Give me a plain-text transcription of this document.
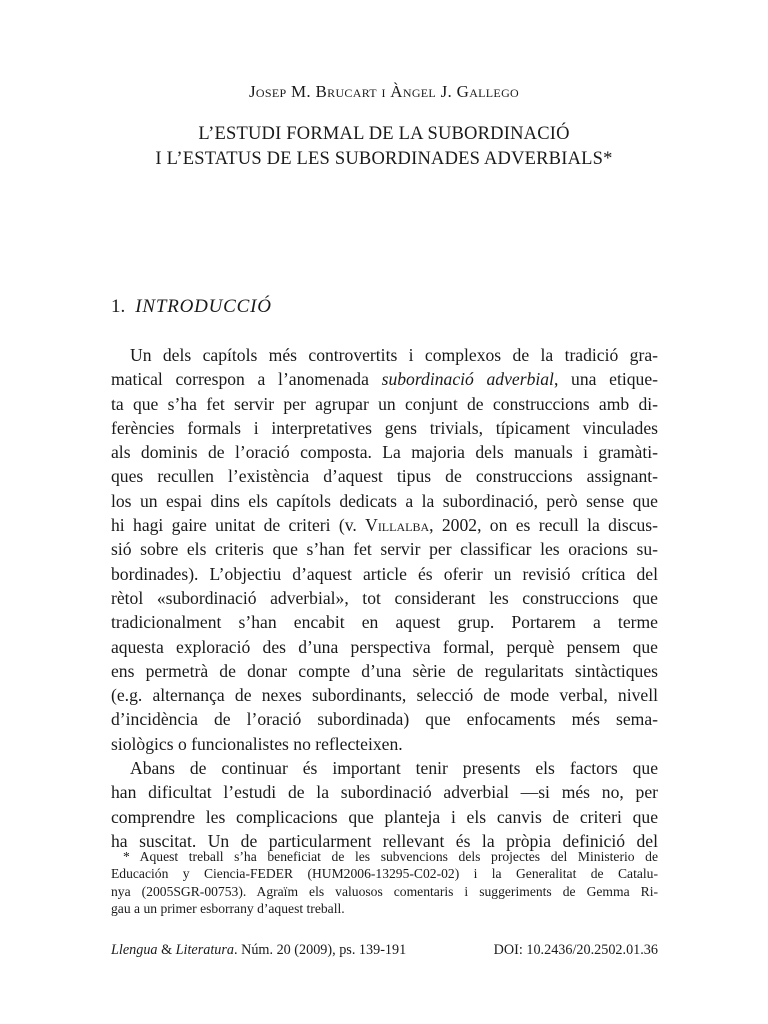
Josep M. Brucart i Àngel J. Gallego
L’ESTUDI FORMAL DE LA SUBORDINACIÓ
I L’ESTATUS DE LES SUBORDINADES ADVERBIALS*
1. INTRODUCCIÓ
Un dels capítols més controvertits i complexos de la tradició gra-
matical correspon a l’anomenada subordinació adverbial, una etique-
ta que s’ha fet servir per agrupar un conjunt de construccions amb di-
ferències formals i interpretatives gens trivials, típicament vinculades
als dominis de l’oració composta. La majoria dels manuals i gramàti-
ques recullen l’existència d’aquest tipus de construccions assignant-
los un espai dins els capítols dedicats a la subordinació, però sense que
hi hagi gaire unitat de criteri (v. Villalba, 2002, on es recull la discus-
sió sobre els criteris que s’han fet servir per classificar les oracions su-
bordinades). L’objectiu d’aquest article és oferir un revisió crítica del
rètol «subordinació adverbial», tot considerant les construccions que
tradicionalment s’han encabit en aquest grup. Portarem a terme
aquesta exploració des d’una perspectiva formal, perquè pensem que
ens permetrà de donar compte d’una sèrie de regularitats sintàctiques
(e.g. alternança de nexes subordinants, selecció de mode verbal, nivell
d’incidència de l’oració subordinada) que enfocaments més sema-
siològics o funcionalistes no reflecteixen.
Abans de continuar és important tenir presents els factors que
han dificultat l’estudi de la subordinació adverbial —si més no, per
comprendre les complicacions que planteja i els canvis de criteri que
ha suscitat. Un de particularment rellevant és la pròpia definició del
* Aquest treball s’ha beneficiat de les subvencions dels projectes del Ministerio de
Educación y Ciencia-FEDER (HUM2006-13295-C02-02) i la Generalitat de Catalu-
nya (2005SGR-00753). Agraïm els valuosos comentaris i suggeriments de Gemma Ri-
gau a un primer esborrany d’aquest treball.
Llengua & Literatura. Núm. 20 (2009), ps. 139-191	DOI: 10.2436/20.2502.01.36
